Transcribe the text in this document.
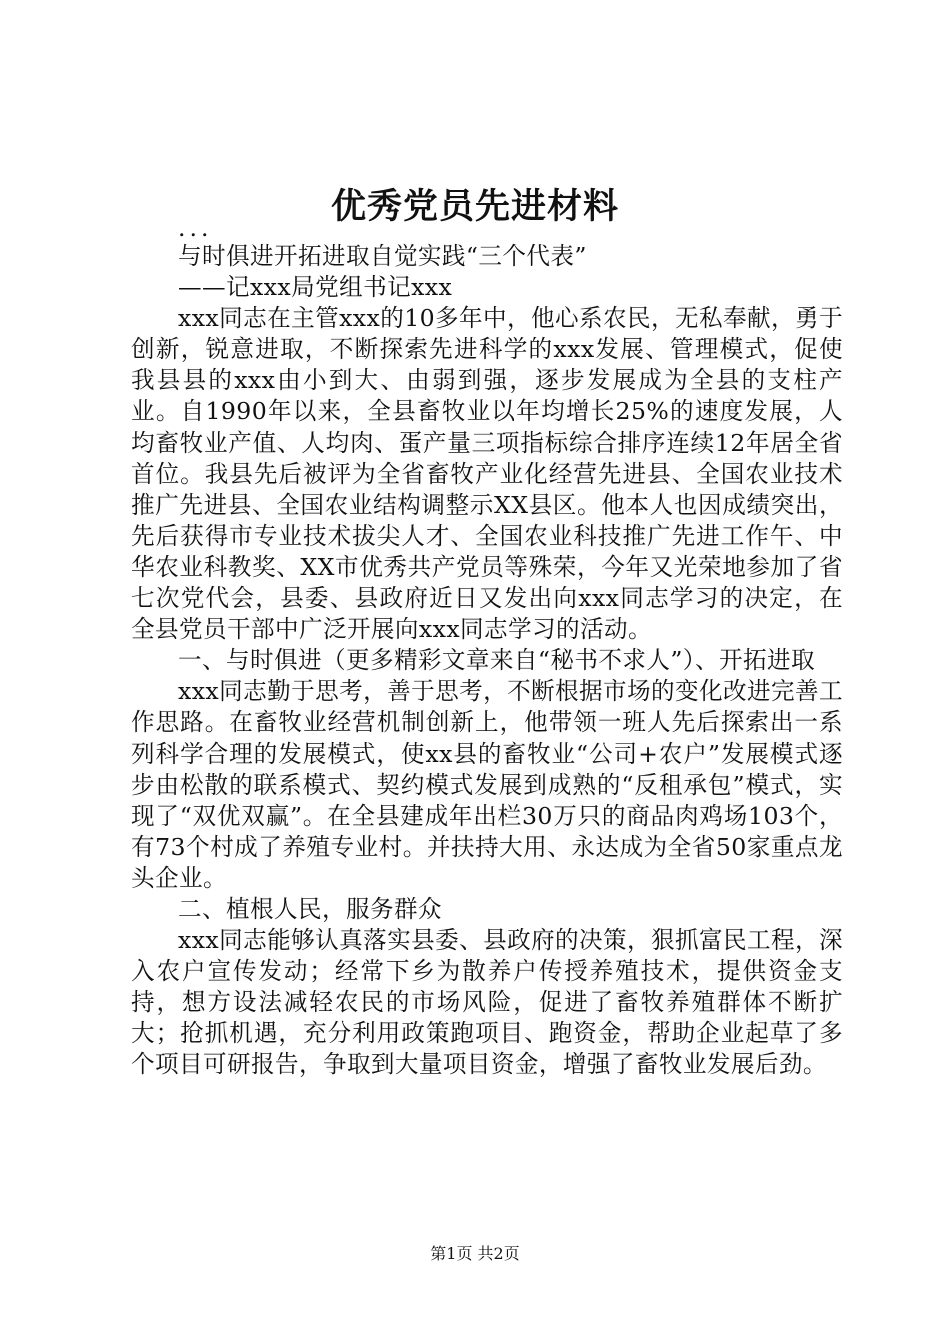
优秀党员先进材料

...

与时俱进开拓进取自觉实践“三个代表”

——记xxx局党组书记xxx

xxx同志在主管xxx的10多年中，他心系农民，无私奉献，勇于创新，锐意进取，不断探索先进科学的xxx发展、管理模式，促使我县县的xxx由小到大、由弱到强，逐步发展成为全县的支柱产业。自1990年以来，全县畜牧业以年均增长25%的速度发展，人均畜牧业产值、人均肉、蛋产量三项指标综合排序连续12年居全省首位。我县先后被评为全省畜牧产业化经营先进县、全国农业技术推广先进县、全国农业结构调整示XX县区。他本人也因成绩突出，先后获得市专业技术拔尖人才、全国农业科技推广先进工作午、中华农业科教奖、XX市优秀共产党员等殊荣，今年又光荣地参加了省七次党代会，县委、县政府近日又发出向xxx同志学习的决定，在全县党员干部中广泛开展向xxx同志学习的活动。

一、与时俱进（更多精彩文章来自“秘书不求人”）、开拓进取

xxx同志勤于思考，善于思考，不断根据市场的变化改进完善工作思路。在畜牧业经营机制创新上，他带领一班人先后探索出一系列科学合理的发展模式，使xx县的畜牧业“公司+农户”发展模式逐步由松散的联系模式、契约模式发展到成熟的“反租承包”模式，实现了“双优双赢”。在全县建成年出栏30万只的商品肉鸡场103个，有73个村成了养殖专业村。并扶持大用、永达成为全省50家重点龙头企业。

二、植根人民，服务群众

xxx同志能够认真落实县委、县政府的决策，狠抓富民工程，深入农户宣传发动；经常下乡为散养户传授养殖技术，提供资金支持，想方设法减轻农民的市场风险，促进了畜牧养殖群体不断扩大；抢抓机遇，充分利用政策跑项目、跑资金，帮助企业起草了多个项目可研报告，争取到大量项目资金，增强了畜牧业发展后劲。

第1页 共2页
